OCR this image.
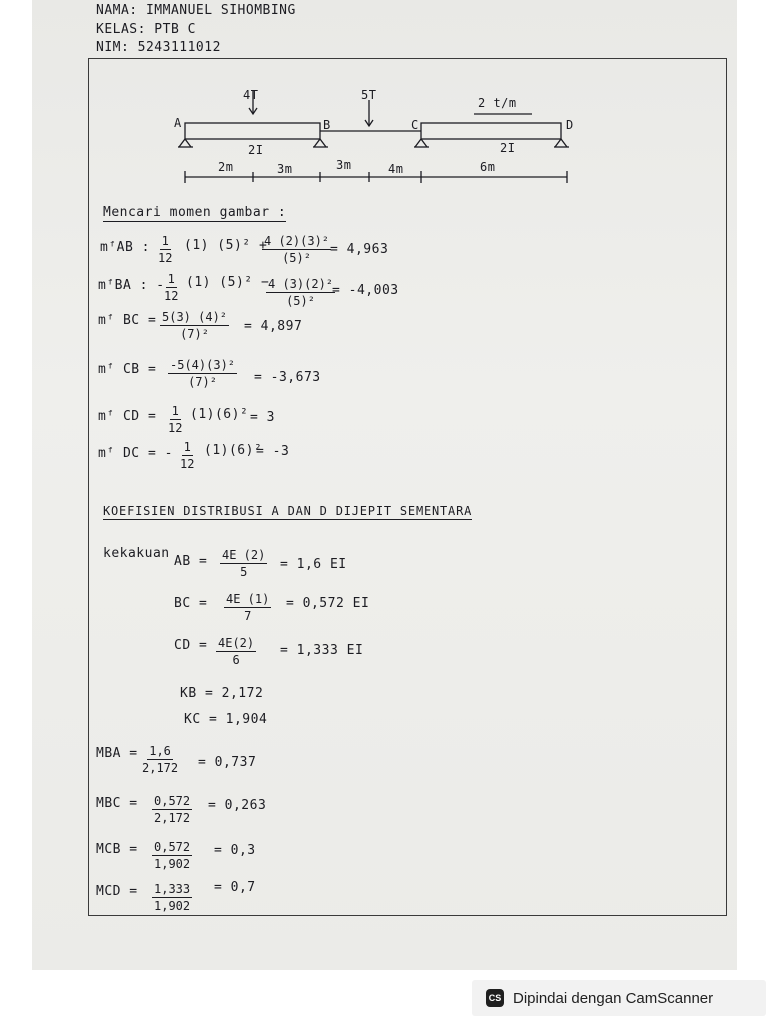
NAMA: IMMANUEL SIHOMBING
KELAS: PTB C
NIM: 5243111012
4T	5T
2 t/m
A	B	C	D
2I	2I
2m	3m	3m	4m	6m
Mencari momen gambar :
mᶠAB : $\frac{1}{12} (1) (5)^2$ +
$\frac{\text{4 (2)(3)²}}{\text{(5)²}}$
= 4,963
mᶠBA : - $\frac{1}{12} (1) (5)^2$ −
$\frac{\text{4 (3)(2)²}}{\text{(5)²}}$
= -4,003
mᶠ BC = $\frac{\text{5(3) (4)²}}{\text{(7)²}} = 4,897$
mᶠ CB = $\frac{\text{-5(4)(3)²}}{\text{(7)²}} = -3,673$
mᶠ CD = $\frac{1}{12} (1)(6)^2 = 3$
mᶠ DC = - $\frac{1}{12} (1)(6)^2$
= -3
KOEFISIEN DISTRIBUSI A DAN D DIJEPIT SEMENTARA
kekakuan
AB = $\frac{4E (2)}{5} = 1,6$ EI
BC = $\frac{4E (1)}{7} = 0,572$ EI
CD = $\frac{4E(2)}{6} = 1,333$ EI
KB = 2,172
KC = 1,904
MBA = $\frac{1,6}{2,172} = 0,737$
MBC = $\frac{0,572}{2,172} = 0,263$
MCB = $\frac{0,572}{1,902} = 0,3$
MCD = $\frac{1,333}{1,902} = 0,7$
CS Dipindai dengan CamScanner
